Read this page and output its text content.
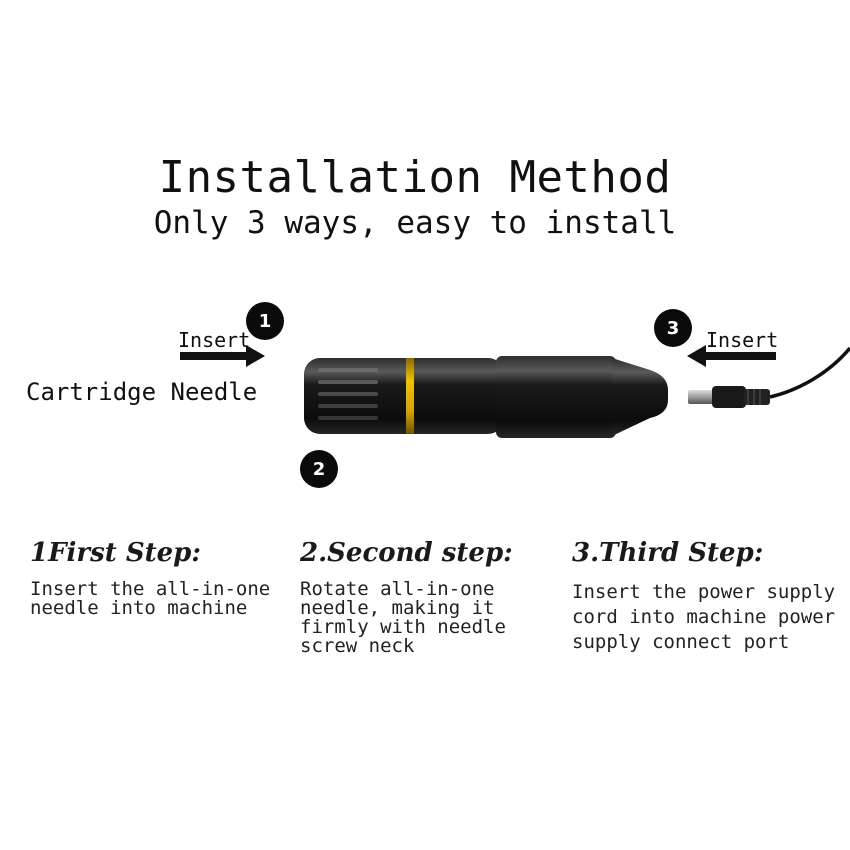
Installation Method
Only 3 ways, easy to install
Insert	Insert
Cartridge Needle
1
2
3
1First Step:
Insert the all-in-one
needle into machine
2.Second step:
Rotate all-in-one
needle, making it
firmly with needle
screw neck
3.Third Step:
Insert the power supply
cord into machine power
supply connect port
